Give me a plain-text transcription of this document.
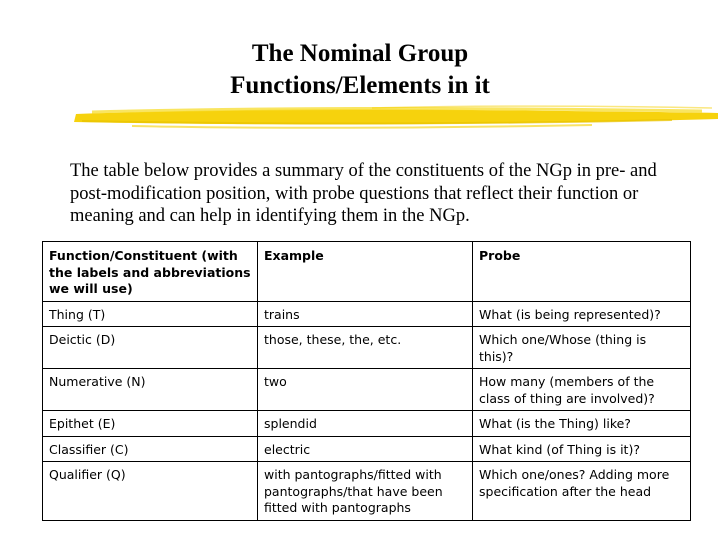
The Nominal Group
Functions/Elements in it
The table below provides a summary of the constituents of the NGp in pre- and post-modification position, with probe questions that reflect their function or meaning and can help in identifying them in the NGp.
Function/Constituent (with the labels and abbreviations we will use)	Example	Probe
Thing (T)	trains	What (is being represented)?
Deictic (D)	those, these, the, etc.	Which one/Whose (thing is this)?
Numerative (N)	two	How many (members of the class of thing are involved)?
Epithet (E)	splendid	What (is the Thing) like?
Classifier (C)	electric	What kind (of Thing is it)?
Qualifier (Q)	with pantographs/fitted with pantographs/that have been fitted with pantographs	Which one/ones? Adding more specification after the head
